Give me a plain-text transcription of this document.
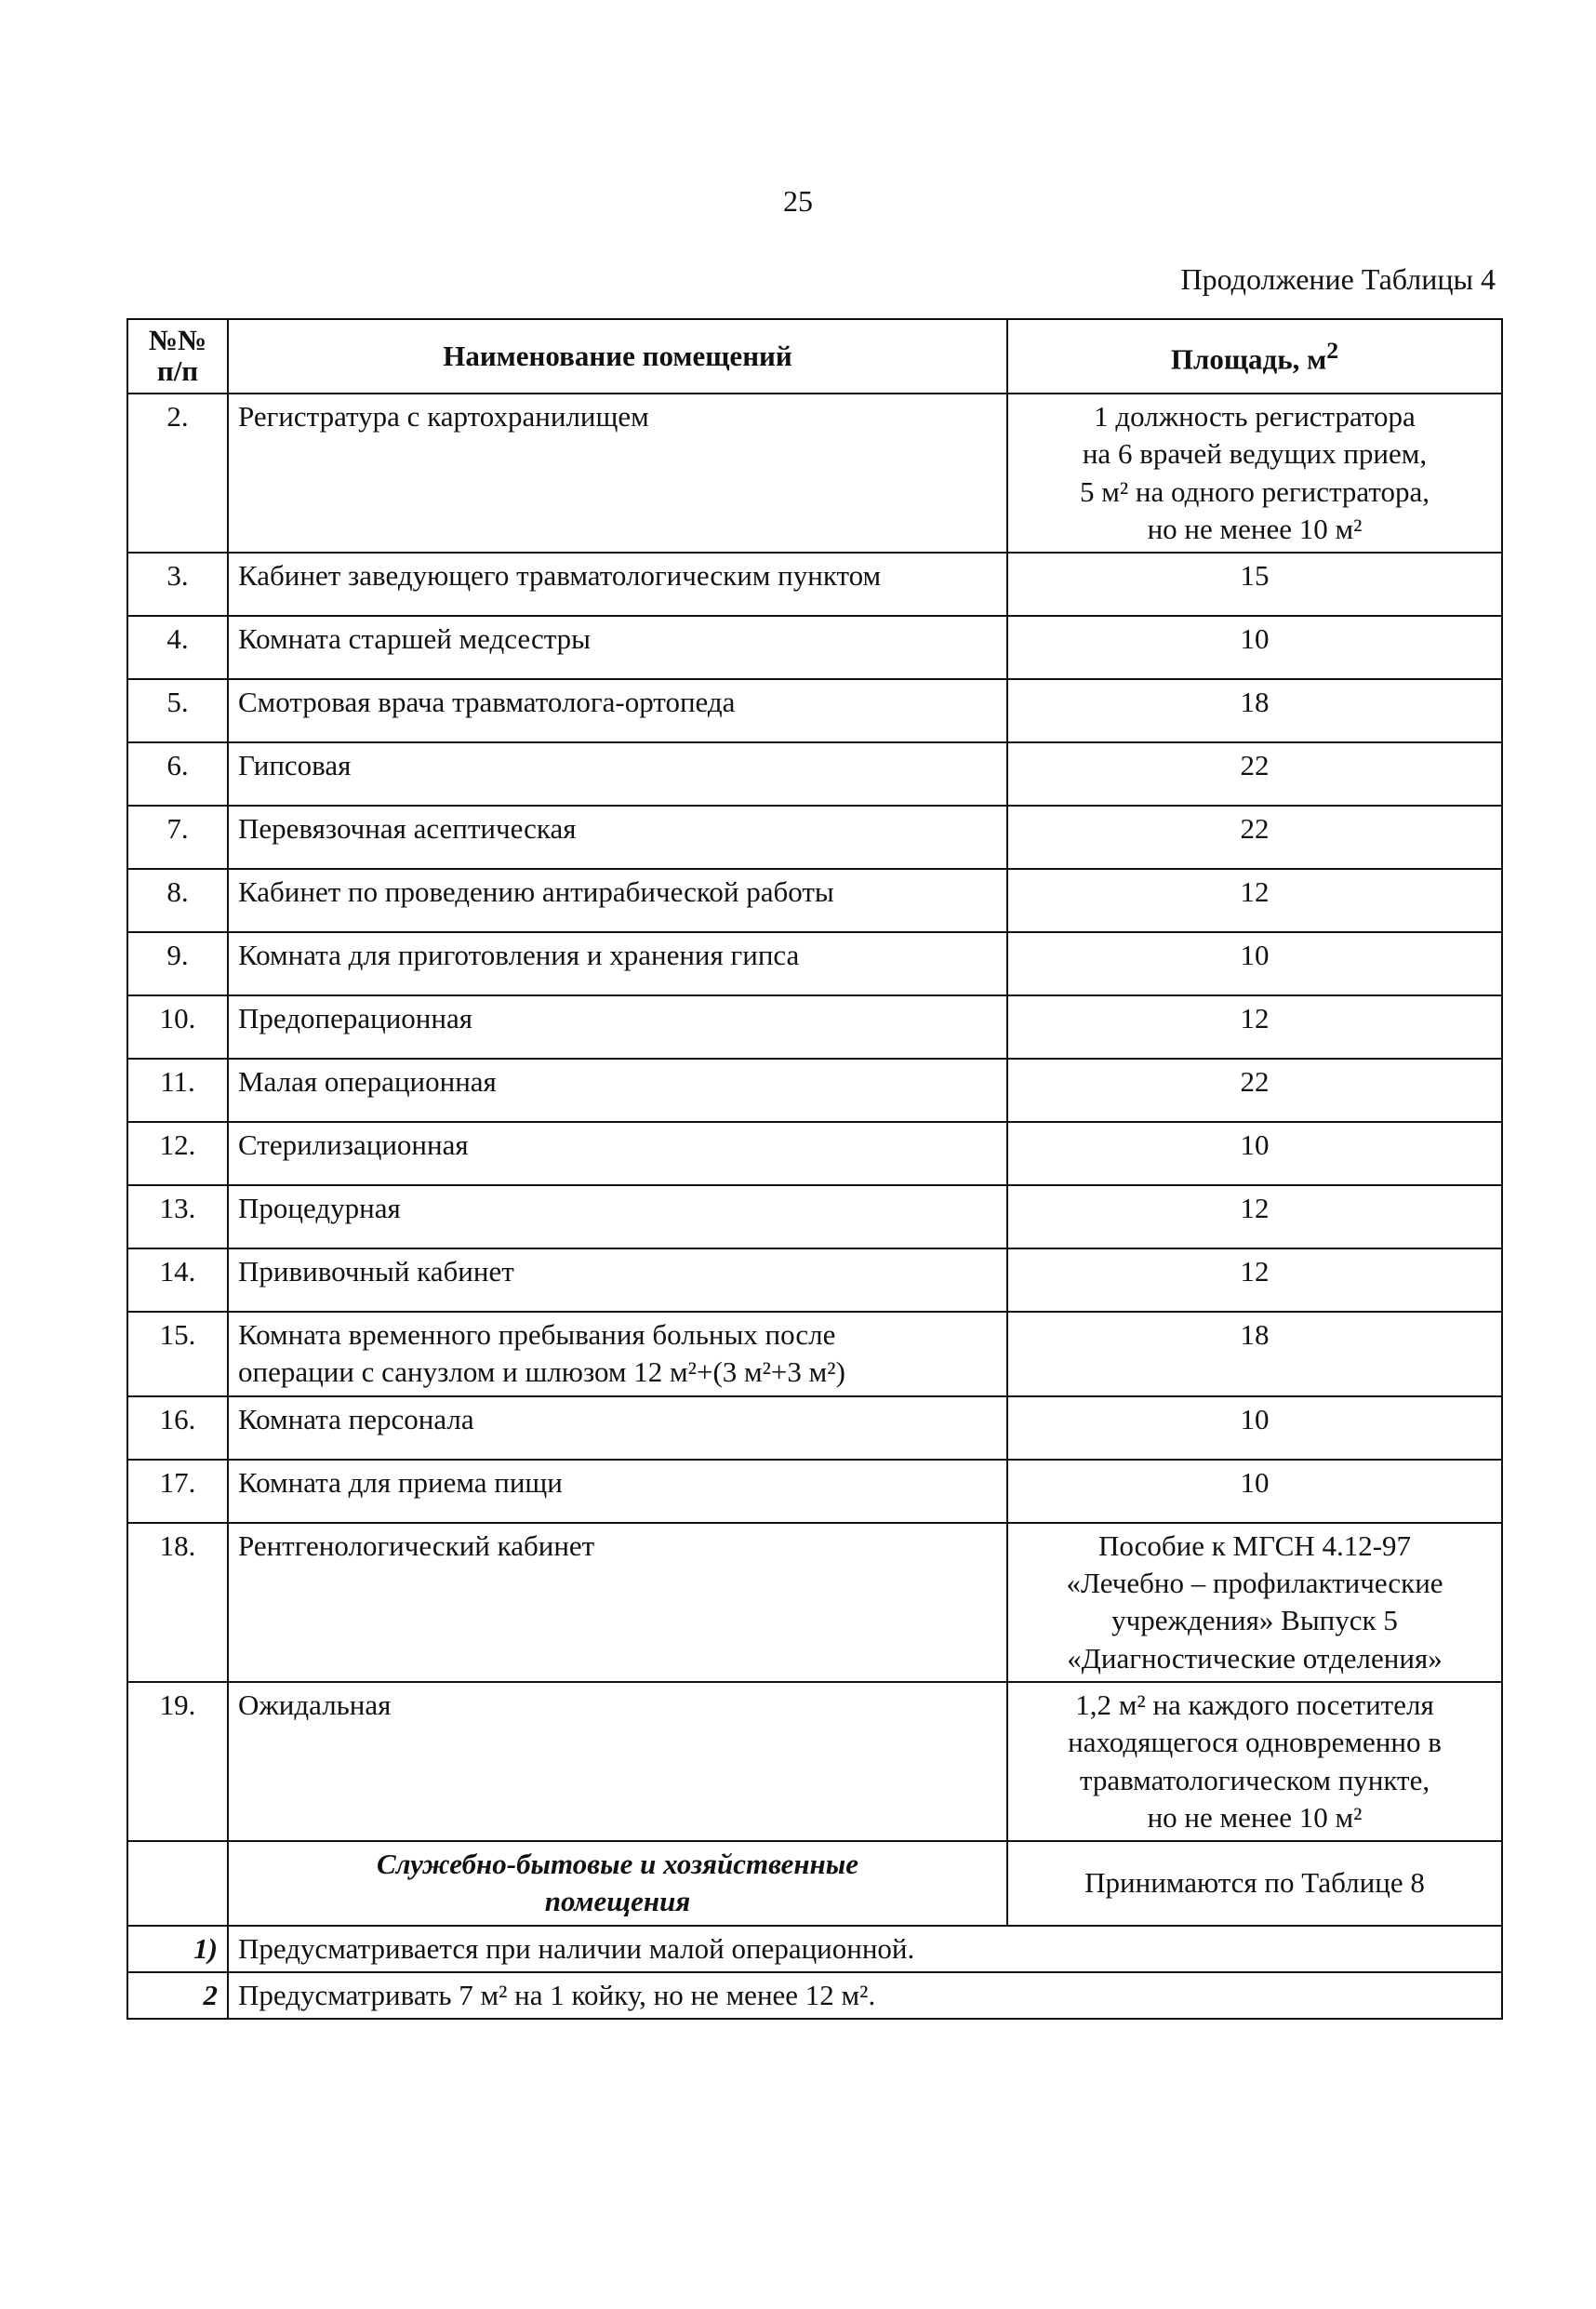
25
Продолжение Таблицы 4
№№
п/п	Наименование помещений	Площадь, $м^2$
2.	Регистратура с картохранилищем	1 должность регистратора
на 6 врачей ведущих прием,
5 м² на одного регистратора,
но не менее 10 м²

3.	Кабинет заведующего травматологическим пунктом	15
4.	Комната старшей медсестры	10
5.	Смотровая врача травматолога-ортопеда	18
6.	Гипсовая	22
7.	Перевязочная асептическая	22
8.	Кабинет по проведению антирабической работы	12
9.	Комната для приготовления и хранения гипса	10
10.	Предоперационная	12
11.	Малая операционная	22
12.	Стерилизационная	10
13.	Процедурная	12
14.	Прививочный кабинет	12
15.	Комната временного пребывания больных после
операции с санузлом и шлюзом 12 м²+(3 м²+3 м²)	18
16.	Комната персонала	10
17.	Комната для приема пищи	10
18.	Рентгенологический кабинет	Пособие к МГСН 4.12-97
«Лечебно – профилактические
учреждения» Выпуск 5
«Диагностические отделения»

19.	Ожидальная	1,2 м² на каждого посетителя
находящегося одновременно в
травматологическом пункте,
но не менее 10 м²

	Служебно-бытовые и хозяйственные
помещения	Принимаются по Таблице 8
1)	Предусматривается при наличии малой операционной.	
2	Предусматривать 7 м² на 1 койку, но не менее 12 м².	
